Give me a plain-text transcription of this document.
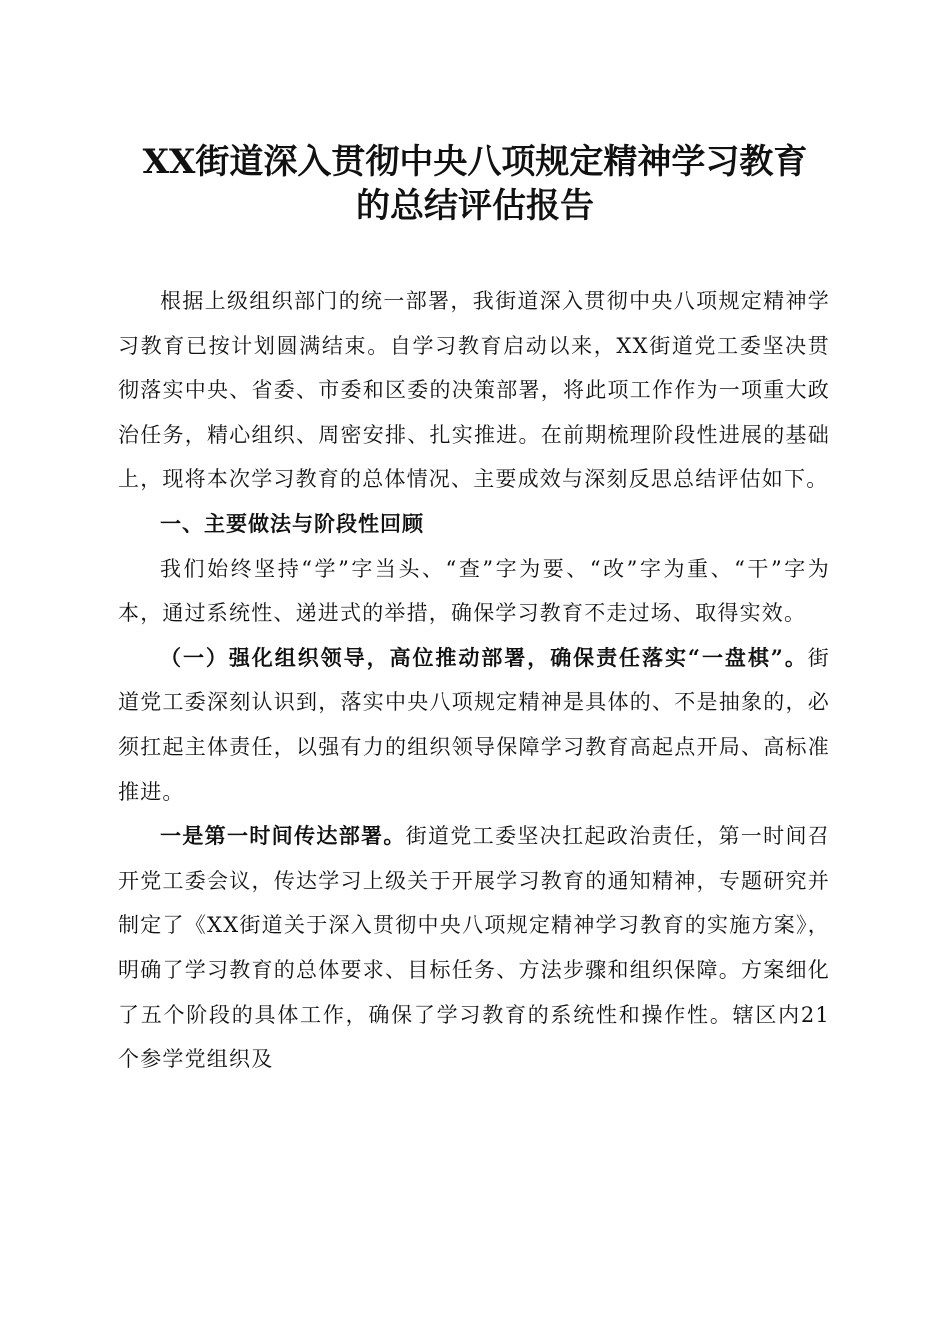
XX街道深入贯彻中央八项规定精神学习教育
的总结评估报告

根据上级组织部门的统一部署，我街道深入贯彻中央八项规定精神学习教育已按计划圆满结束。自学习教育启动以来，XX街道党工委坚决贯彻落实中央、省委、市委和区委的决策部署，将此项工作作为一项重大政治任务，精心组织、周密安排、扎实推进。在前期梳理阶段性进展的基础上，现将本次学习教育的总体情况、主要成效与深刻反思总结评估如下。

一、主要做法与阶段性回顾

我们始终坚持“学”字当头、“查”字为要、“改”字为重、“干”字为本，通过系统性、递进式的举措，确保学习教育不走过场、取得实效。

（一）强化组织领导，高位推动部署，确保责任落实“一盘棋”。街道党工委深刻认识到，落实中央八项规定精神是具体的、不是抽象的，必须扛起主体责任，以强有力的组织领导保障学习教育高起点开局、高标准推进。

一是第一时间传达部署。街道党工委坚决扛起政治责任，第一时间召开党工委会议，传达学习上级关于开展学习教育的通知精神，专题研究并制定了《XX街道关于深入贯彻中央八项规定精神学习教育的实施方案》，明确了学习教育的总体要求、目标任务、方法步骤和组织保障。方案细化了五个阶段的具体工作，确保了学习教育的系统性和操作性。辖区内21个参学党组织及
